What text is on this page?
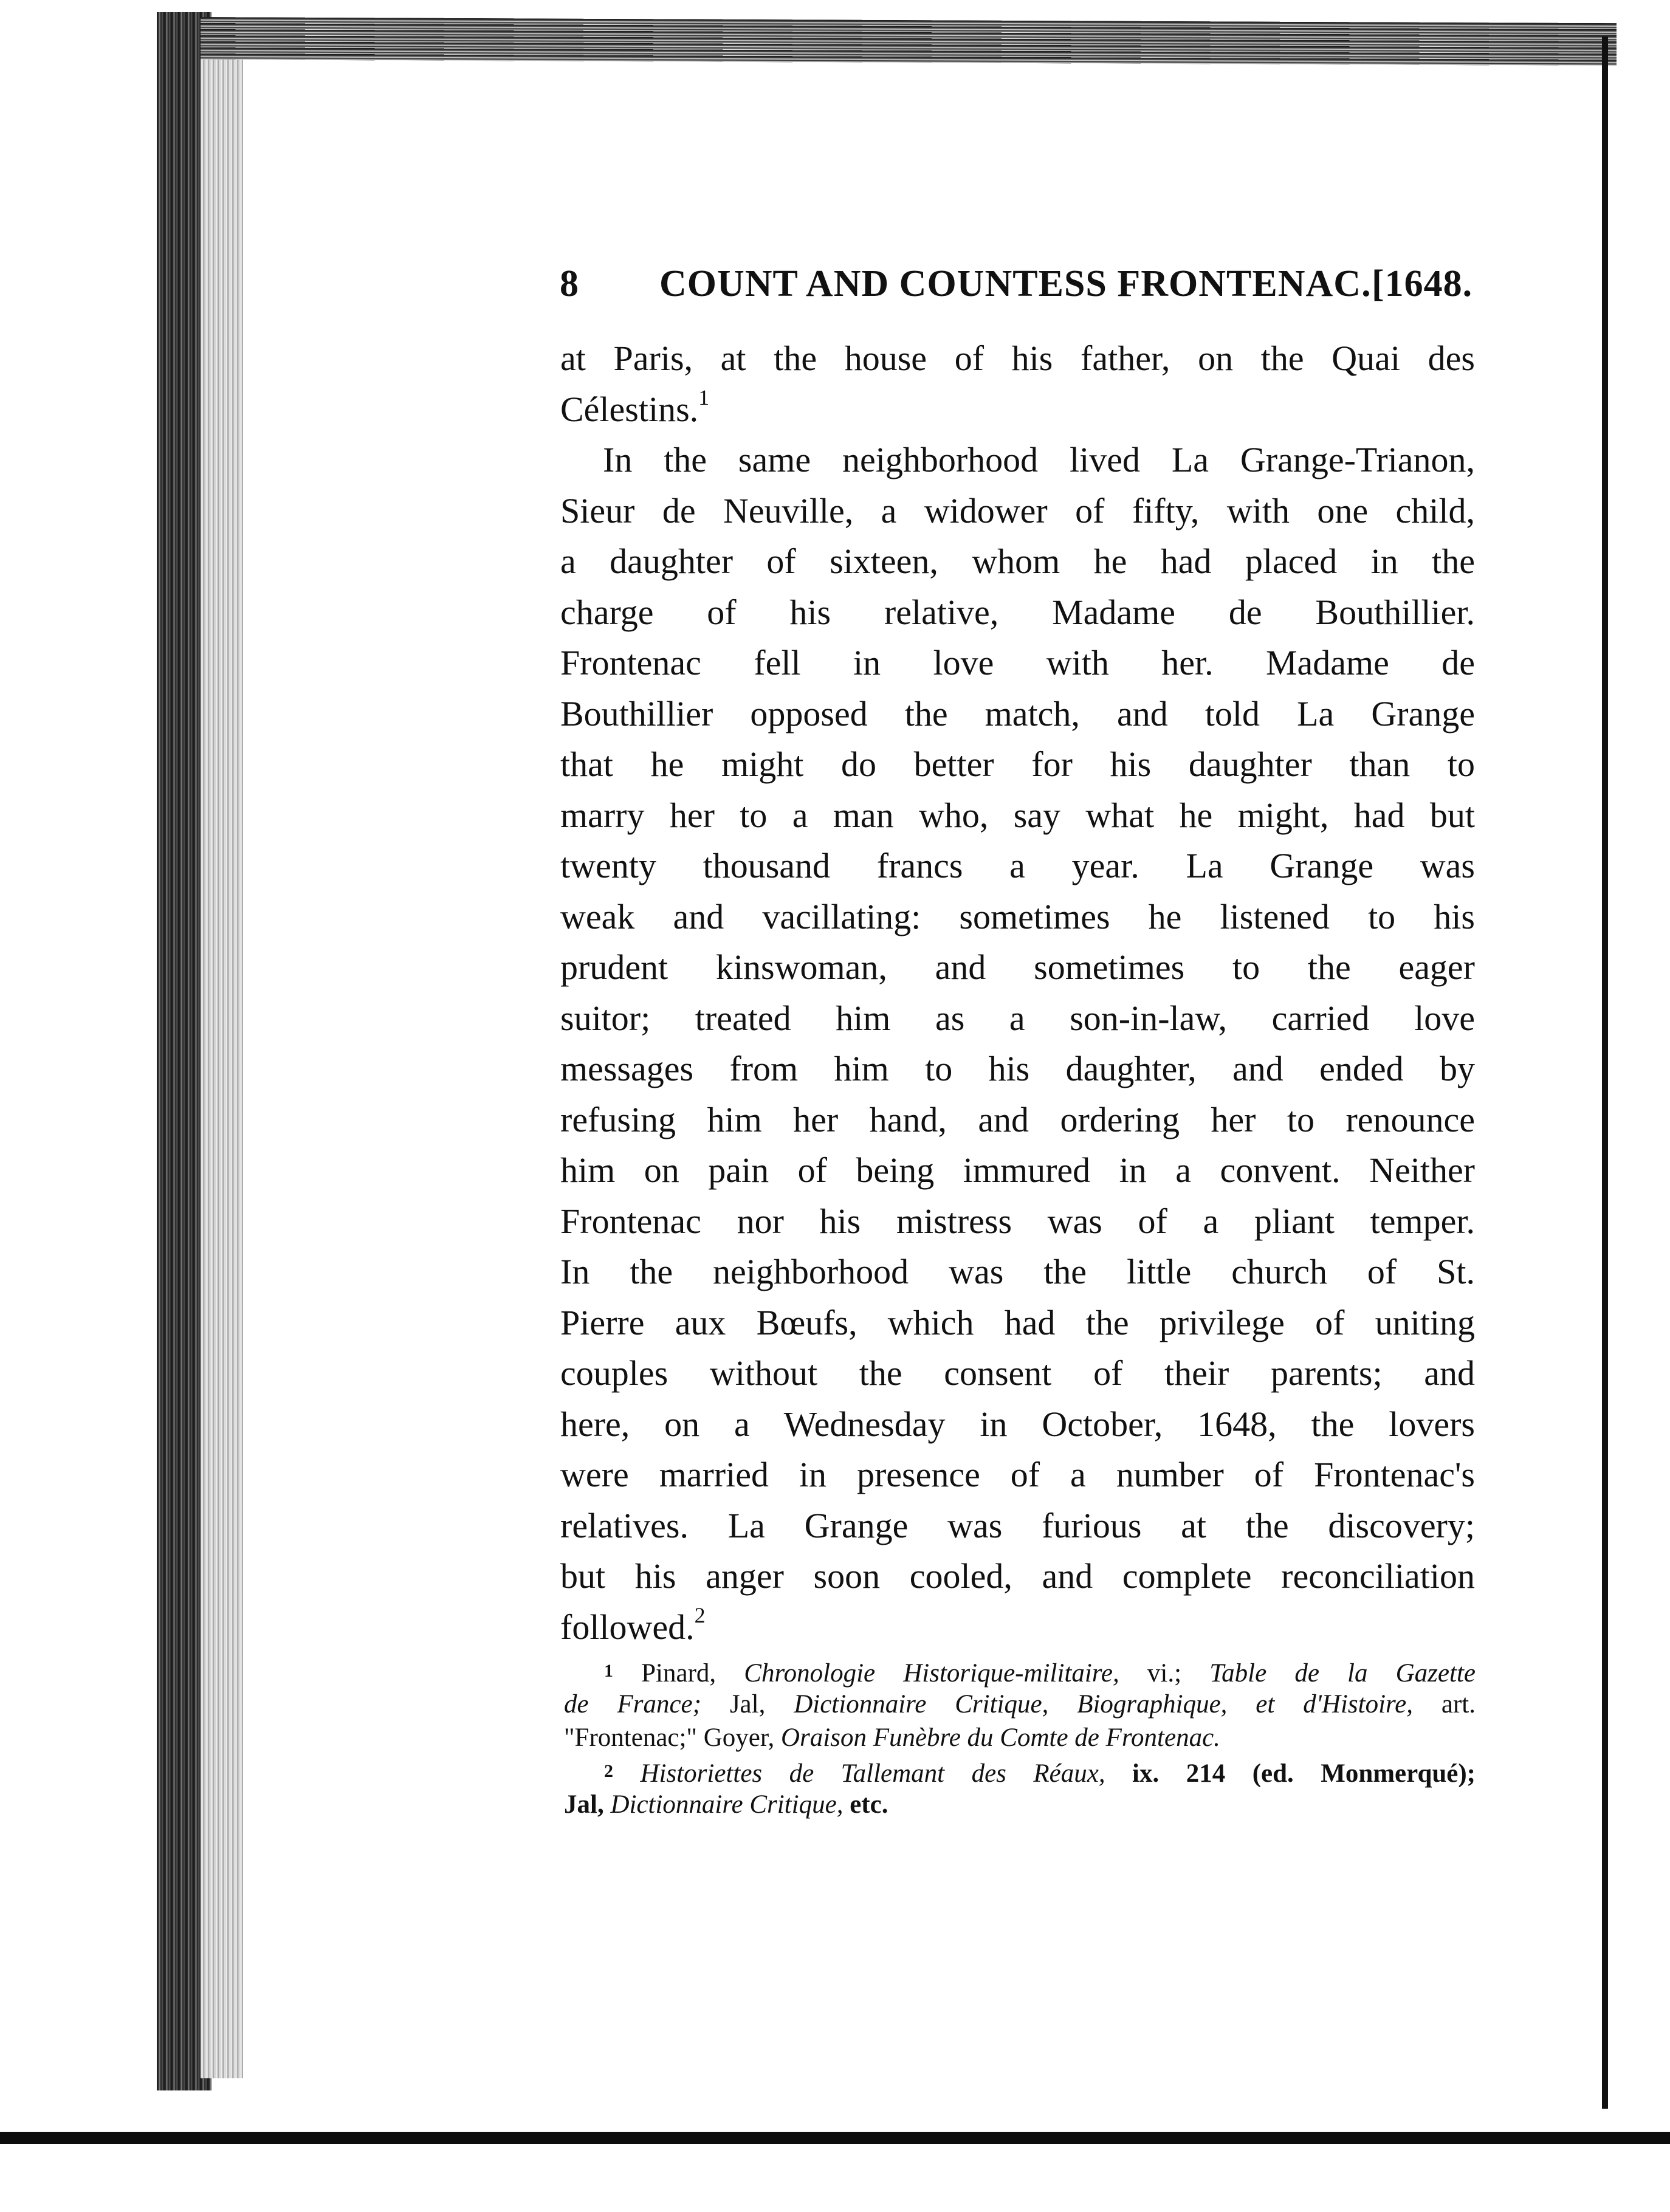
8 COUNT AND COUNTESS FRONTENAC. [1648.
at Paris, at the house of his father, on the Quai des
Célestins.$^1$
In the same neighborhood lived La Grange-Trianon,
Sieur de Neuville, a widower of fifty, with one child,
a daughter of sixteen, whom he had placed in the
charge of his relative, Madame de Bouthillier.
Frontenac fell in love with her. Madame de
Bouthillier opposed the match, and told La Grange
that he might do better for his daughter than to
marry her to a man who, say what he might, had but
twenty thousand francs a year. La Grange was
weak and vacillating: sometimes he listened to his
prudent kinswoman, and sometimes to the eager
suitor; treated him as a son-in-law, carried love
messages from him to his daughter, and ended by
refusing him her hand, and ordering her to renounce
him on pain of being immured in a convent. Neither
Frontenac nor his mistress was of a pliant temper.
In the neighborhood was the little church of St.
Pierre aux Bœufs, which had the privilege of uniting
couples without the consent of their parents; and
here, on a Wednesday in October, 1648, the lovers
were married in presence of a number of Frontenac's
relatives. La Grange was furious at the discovery;
but his anger soon cooled, and complete reconciliation
followed.$^2$
1 Pinard, Chronologie Historique-militaire, vi.; Table de la Gazette
de France; Jal, Dictionnaire Critique, Biographique, et d'Histoire, art.
"Frontenac;" Goyer, Oraison Funèbre du Comte de Frontenac.
2 Historiettes de Tallemant des Réaux, ix. 214 (ed. Monmerqué);
Jal, Dictionnaire Critique, etc.
